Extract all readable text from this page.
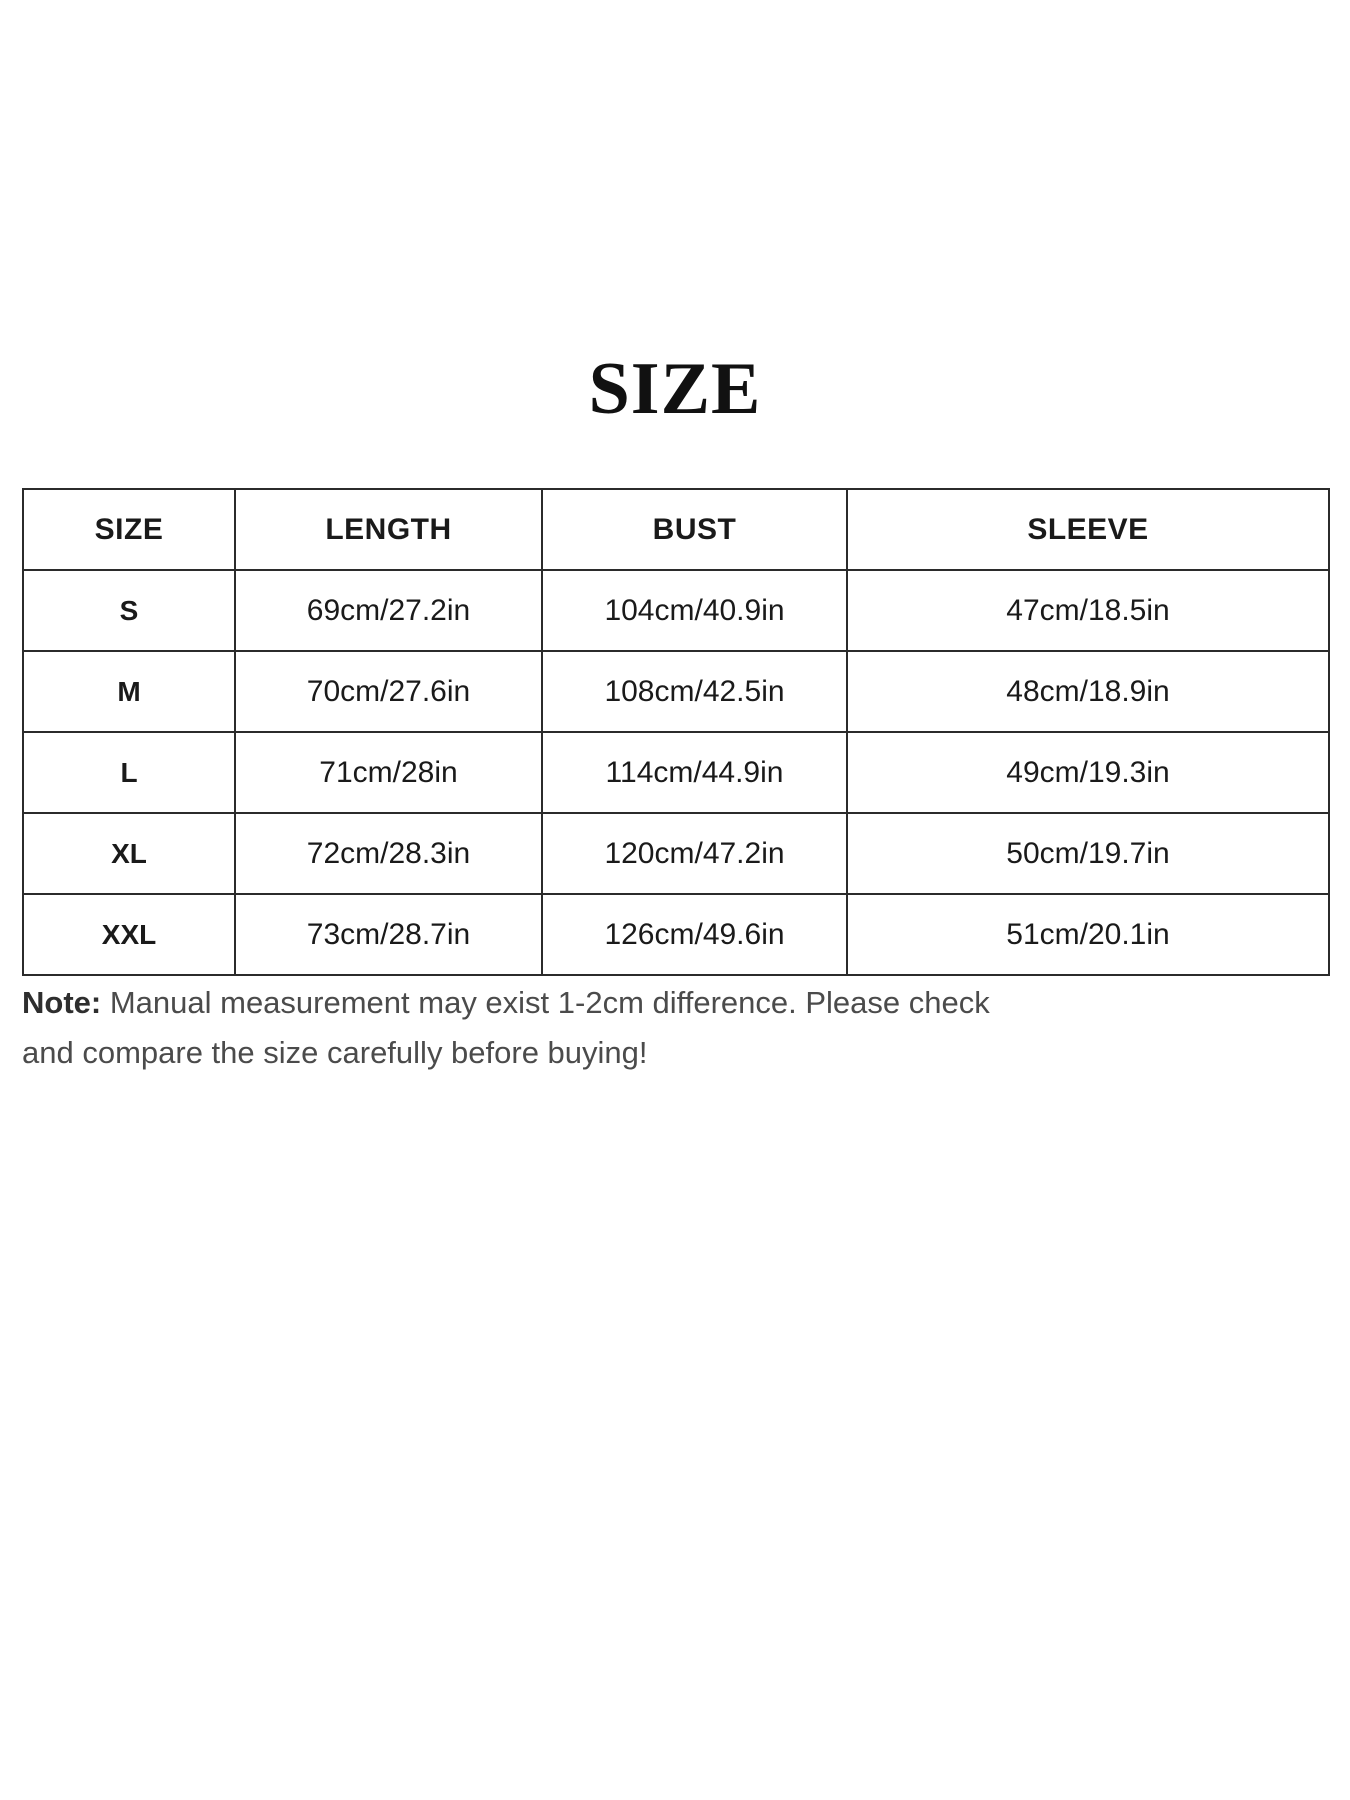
SIZE
SIZE	LENGTH	BUST	SLEEVE
S	69cm/27.2in	104cm/40.9in	47cm/18.5in
M	70cm/27.6in	108cm/42.5in	48cm/18.9in
L	71cm/28in	114cm/44.9in	49cm/19.3in
XL	72cm/28.3in	120cm/47.2in	50cm/19.7in
XXL	73cm/28.7in	126cm/49.6in	51cm/20.1in
Note: Manual measurement may exist 1-2cm difference. Please check and compare the size carefully before buying!
